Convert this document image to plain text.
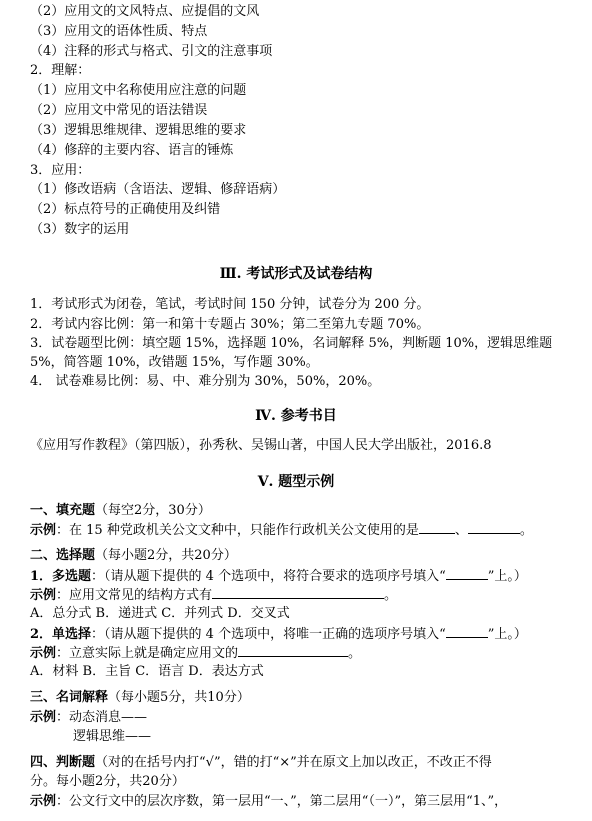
（2）应用文的文风特点、应提倡的文风
（3）应用文的语体性质、特点
（4）注释的形式与格式、引文的注意事项
2．理解：
（1）应用文中名称使用应注意的问题
（2）应用文中常见的语法错误
（3）逻辑思维规律、逻辑思维的要求
（4）修辞的主要内容、语言的锤炼
3．应用：
（1）修改语病（含语法、逻辑、修辞语病）
（2）标点符号的正确使用及纠错
（3）数字的运用
Ⅲ. 考试形式及试卷结构
1．考试形式为闭卷，笔试，考试时间 150 分钟，试卷分为 200 分。
2．考试内容比例：第一和第十专题占 30%；第二至第九专题 70%。
3．试卷题型比例：填空题 15%，选择题 10%，名词解释 5%，判断题 10%，逻辑思维题
5%，简答题 10%，改错题 15%，写作题 30%。
4． 试卷难易比例：易、中、难分别为 30%，50%，20%。
Ⅳ. 参考书目
《应用写作教程》（第四版），孙秀秋、吴锡山著，中国人民大学出版社，2016.8
Ⅴ. 题型示例
一、填充题（每空2分，30分）
示例：在 15 种党政机关公文文种中，只能作行政机关公文使用的是	、	。
二、选择题（每小题2分，共20分）
1．多选题：（请从题下提供的 4 个选项中，将符合要求的选项序号填入“	”上。）
示例：应用文常见的结构方式有	。
A．总分式 B．递进式 C．并列式 D．交叉式
2．单选择：（请从题下提供的 4 个选项中，将唯一正确的选项序号填入“	”上。）
示例：立意实际上就是确定应用文的	。
A．材料 B．主旨 C．语言 D．表达方式
三、名词解释（每小题5分，共10分）
示例：动态消息——
逻辑思维——
四、判断题（对的在括号内打“√”，错的打“×”并在原文上加以改正，不改正不得
分。每小题2分，共20分）
示例：公文行文中的层次序数，第一层用“一、”，第二层用“（一）”，第三层用“1、”，
